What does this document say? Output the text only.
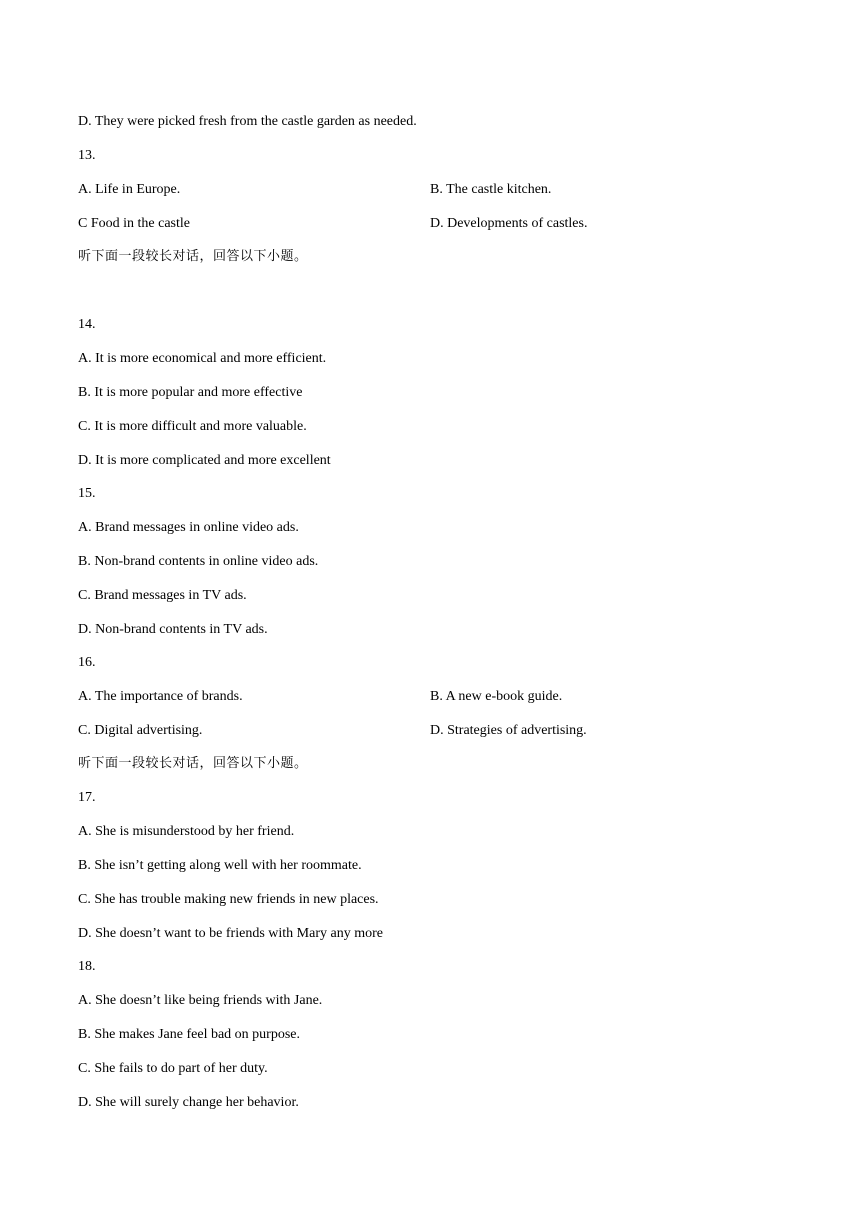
D. They were picked fresh from the castle garden as needed.
13.
A. Life in Europe.	B. The castle kitchen.
C Food in the castle	D. Developments of castles.
听下面一段较长对话，回答以下小题。
14.
A. It is more economical and more efficient.
B. It is more popular and more effective
C. It is more difficult and more valuable.
D. It is more complicated and more excellent
15.
A. Brand messages in online video ads.
B. Non-brand contents in online video ads.
C. Brand messages in TV ads.
D. Non-brand contents in TV ads.
16.
A. The importance of brands.	B. A new e-book guide.
C. Digital advertising.	D. Strategies of advertising.
听下面一段较长对话，回答以下小题。
17.
A. She is misunderstood by her friend.
B. She isn’t getting along well with her roommate.
C. She has trouble making new friends in new places.
D. She doesn’t want to be friends with Mary any more
18.
A. She doesn’t like being friends with Jane.
B. She makes Jane feel bad on purpose.
C. She fails to do part of her duty.
D. She will surely change her behavior.
